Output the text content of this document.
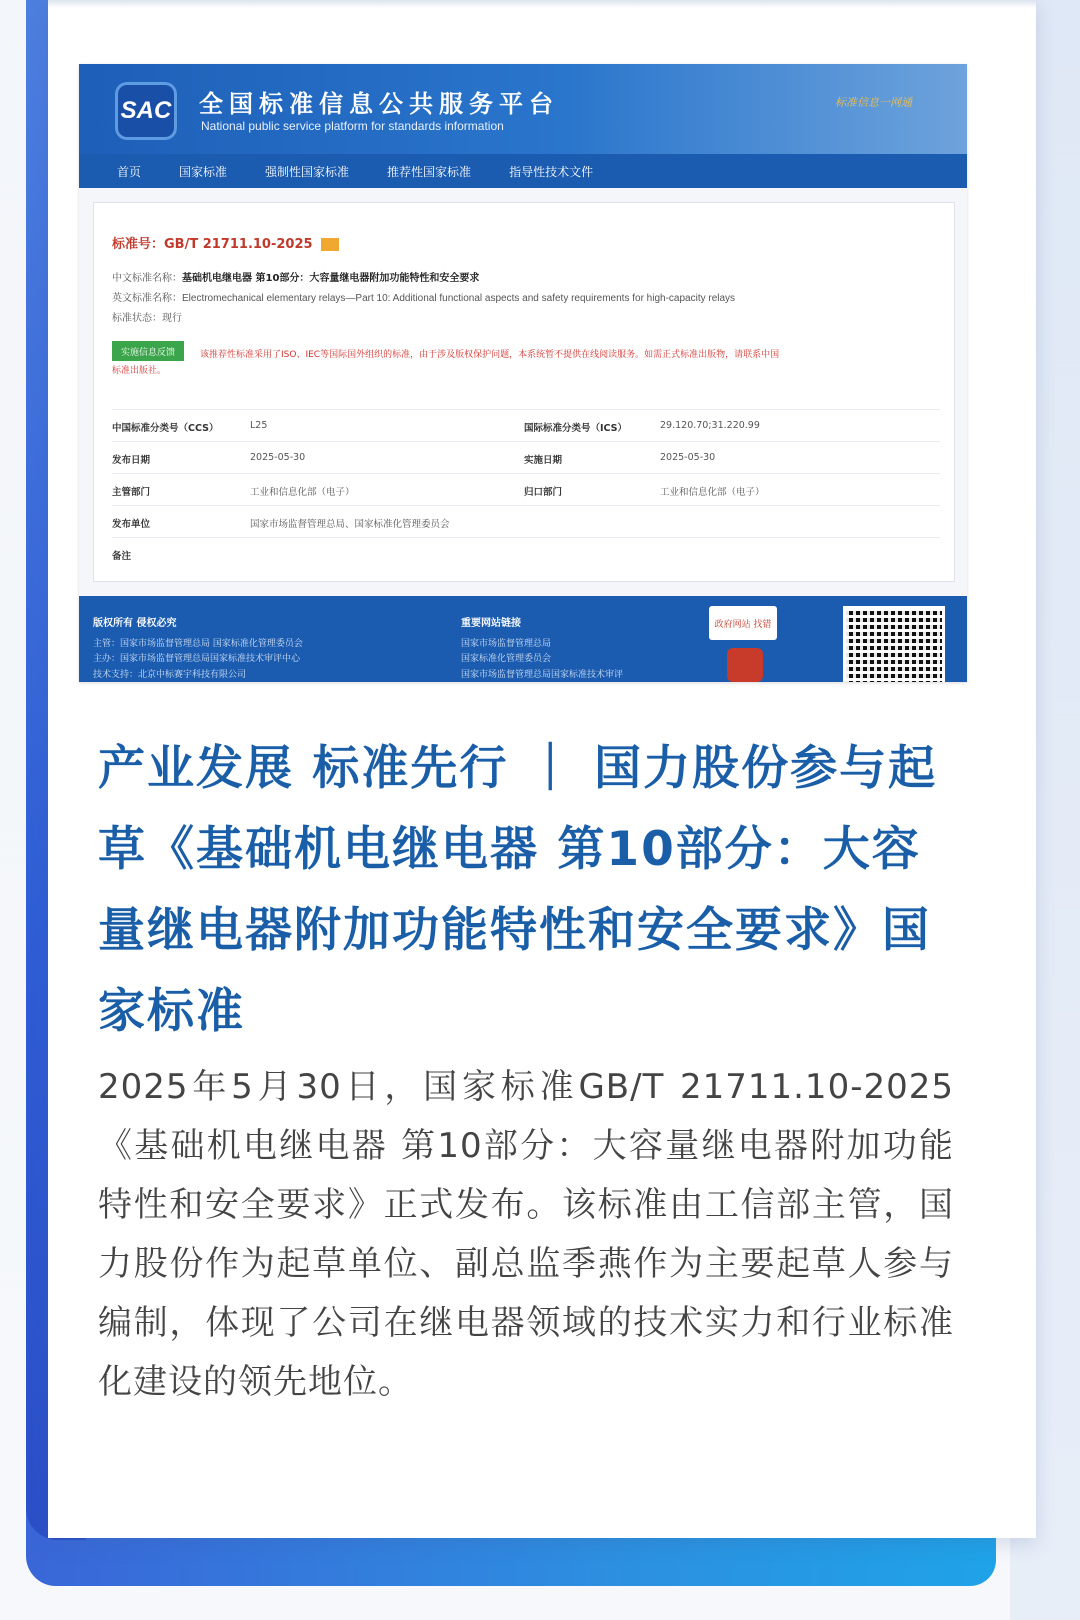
SAC 全国标准信息公共服务平台
National public service platform for standards information
标准信息一网通
首页	国家标准	强制性国家标准	推荐性国家标准	指导性技术文件
标准号：GB/T 21711.10-2025
中文标准名称：基础机电继电器 第10部分：大容量继电器附加功能特性和安全要求
英文标准名称：Electromechanical elementary relays—Part 10: Additional functional aspects and safety requirements for high-capacity relays
标准状态：现行
实施信息反馈	该推荐性标准采用了ISO、IEC等国际国外组织的标准，由于涉及版权保护问题，本系统暂不提供在线阅读服务。如需正式标准出版物，请联系中国
标准出版社。
中国标准分类号（CCS）	L25	国际标准分类号（ICS）	29.120.70;31.220.99
发布日期	2025-05-30	实施日期	2025-05-30
主管部门	工业和信息化部（电子）	归口部门	工业和信息化部（电子）
发布单位	国家市场监督管理总局、国家标准化管理委员会
备注
版权所有 侵权必究
主管：国家市场监督管理总局 国家标准化管理委员会
主办：国家市场监督管理总局国家标准技术审评中心
技术支持：北京中标赛宇科技有限公司
重要网站链接
国家市场监督管理总局
国家标准化管理委员会
国家市场监督管理总局国家标准技术审评
政府网站 找错
产业发展 标准先行 ｜ 国力股份参与起草《基础机电继电器 第10部分：大容量继电器附加功能特性和安全要求》国家标准
2025年5月30日，国家标准GB/T 21711.10-2025《基础机电继电器 第10部分：大容量继电器附加功能特性和安全要求》正式发布。该标准由工信部主管，国力股份作为起草单位、副总监季燕作为主要起草人参与编制，体现了公司在继电器领域的技术实力和行业标准化建设的领先地位。
